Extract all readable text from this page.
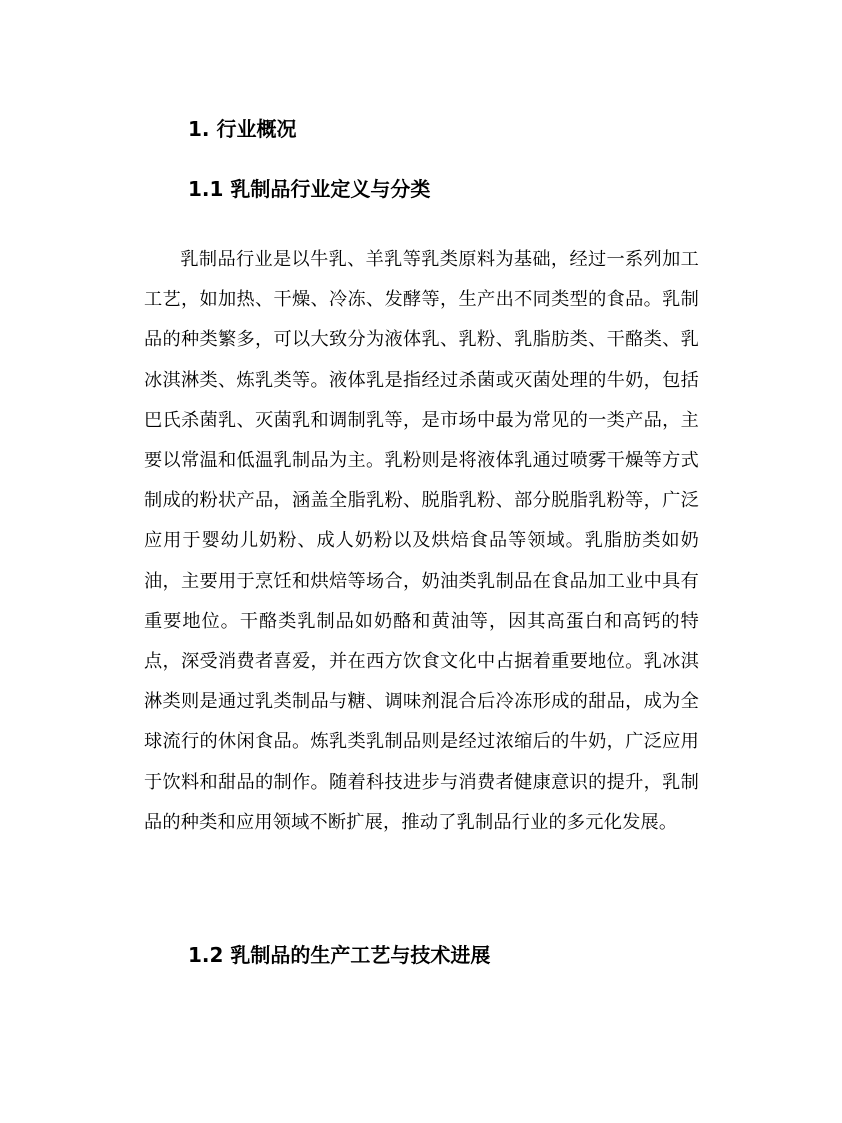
1. 行业概况
1.1 乳制品行业定义与分类

乳制品行业是以牛乳、羊乳等乳类原料为基础，经过一系列加工工艺，如加热、干燥、冷冻、发酵等，生产出不同类型的食品。乳制品的种类繁多，可以大致分为液体乳、乳粉、乳脂肪类、干酪类、乳冰淇淋类、炼乳类等。液体乳是指经过杀菌或灭菌处理的牛奶，包括巴氏杀菌乳、灭菌乳和调制乳等，是市场中最为常见的一类产品，主要以常温和低温乳制品为主。乳粉则是将液体乳通过喷雾干燥等方式制成的粉状产品，涵盖全脂乳粉、脱脂乳粉、部分脱脂乳粉等，广泛应用于婴幼儿奶粉、成人奶粉以及烘焙食品等领域。乳脂肪类如奶油，主要用于烹饪和烘焙等场合，奶油类乳制品在食品加工业中具有重要地位。干酪类乳制品如奶酪和黄油等，因其高蛋白和高钙的特点，深受消费者喜爱，并在西方饮食文化中占据着重要地位。乳冰淇淋类则是通过乳类制品与糖、调味剂混合后冷冻形成的甜品，成为全球流行的休闲食品。炼乳类乳制品则是经过浓缩后的牛奶，广泛应用于饮料和甜品的制作。随着科技进步与消费者健康意识的提升，乳制品的种类和应用领域不断扩展，推动了乳制品行业的多元化发展。

1.2 乳制品的生产工艺与技术进展
